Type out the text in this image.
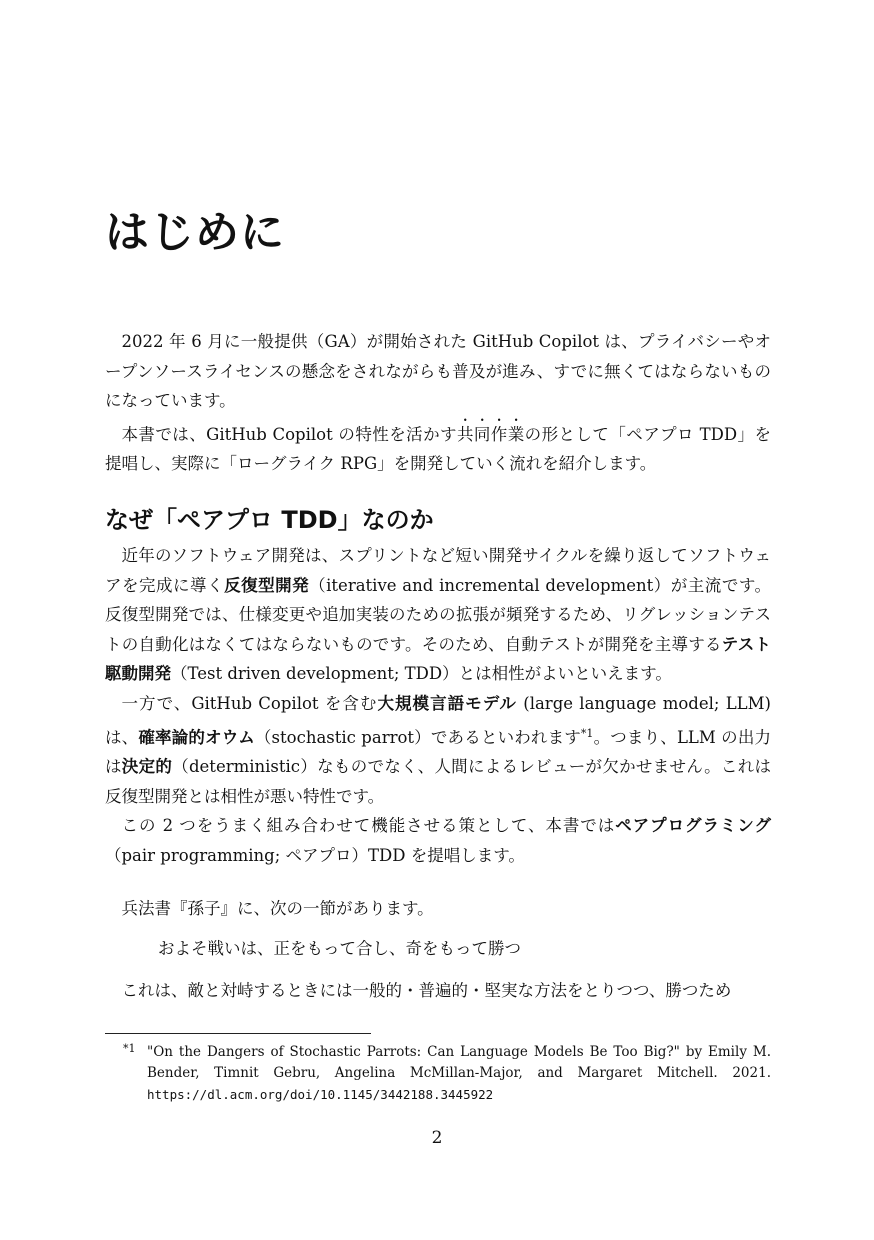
はじめに

2022 年 6 月に一般提供（GA）が開始された GitHub Copilot は、プライバシーやオープンソースライセンスの懸念をされながらも普及が進み、すでに無くてはならないものになっています。

本書では、GitHub Copilot の特性を活かす共同作業の形として「ペアプロ TDD」を提唱し、実際に「ローグライク RPG」を開発していく流れを紹介します。

なぜ「ペアプロ TDD」なのか

近年のソフトウェア開発は、スプリントなど短い開発サイクルを繰り返してソフトウェアを完成に導く反復型開発（iterative and incremental development）が主流です。反復型開発では、仕様変更や追加実装のための拡張が頻発するため、リグレッションテストの自動化はなくてはならないものです。そのため、自動テストが開発を主導するテスト駆動開発（Test driven development; TDD）とは相性がよいといえます。

一方で、GitHub Copilot を含む大規模言語モデル (large language model; LLM) は、確率論的オウム（stochastic parrot）であるといわれます$^{*1}$。つまり、LLM の出力は決定的（deterministic）なものでなく、人間によるレビューが欠かせません。これは反復型開発とは相性が悪い特性です。

この 2 つをうまく組み合わせて機能させる策として、本書ではペアプログラミング（pair programming; ペアプロ）TDD を提唱します。

兵法書『孫子』に、次の一節があります。

およそ戦いは、正をもって合し、奇をもって勝つ

これは、敵と対峙するときには一般的・普遍的・堅実な方法をとりつつ、勝つため

*1 "On the Dangers of Stochastic Parrots: Can Language Models Be Too Big?" by Emily M. Bender, Timnit Gebru, Angelina McMillan-Major, and Margaret Mitchell. 2021. https://dl.acm.org/doi/10.1145/3442188.3445922
2
